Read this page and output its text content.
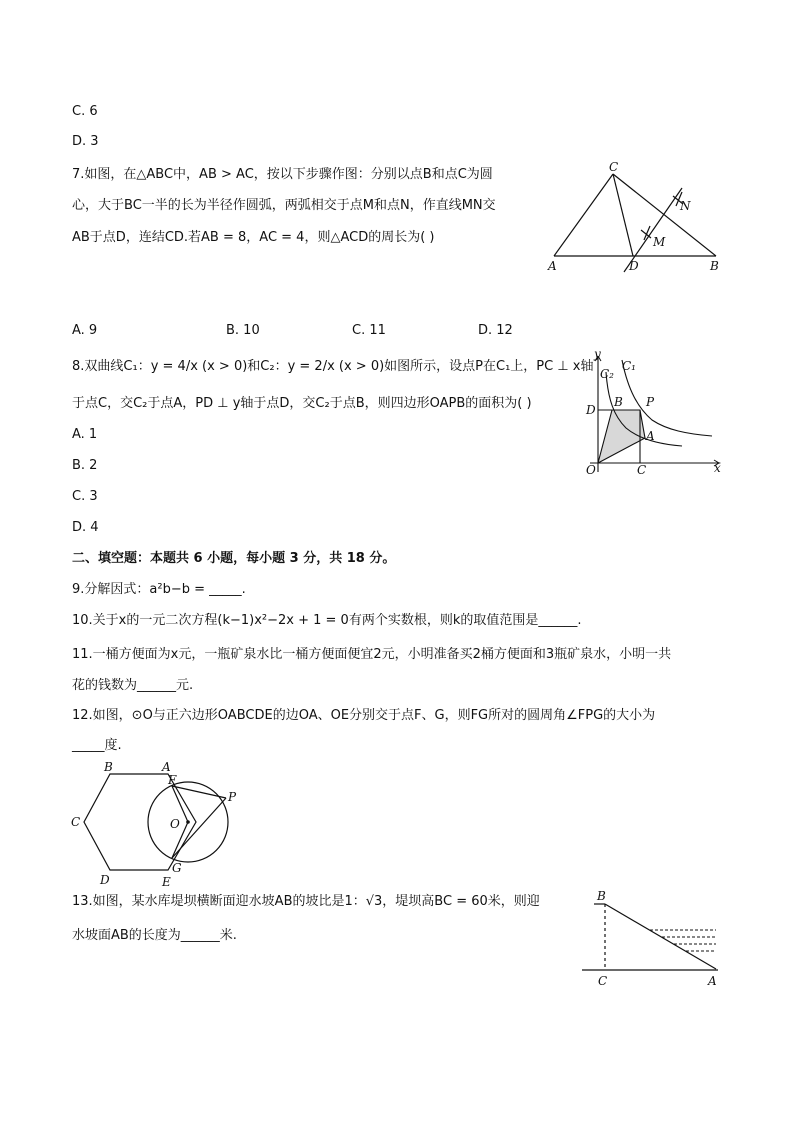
C. 6
D. 3
7.如图，在△ABC中，AB > AC，按以下步骤作图：分别以点B和点C为圆
心，大于BC一半的长为半径作圆弧，两弧相交于点M和点N，作直线MN交
AB于点D，连结CD.若AB = 8，AC = 4，则△ACD的周长为( )
A	B
C
D
M
N
A. 9	B. 10	C. 11	D. 12
8.双曲线C₁：y = 4/x (x > 0)和C₂：y = 2/x (x > 0)如图所示，设点P在C₁上，PC ⊥ x轴
于点C，交C₂于点A，PD ⊥ y轴于点D，交C₂于点B，则四边形OAPB的面积为( )
A. 1
B. 2
C. 3
D. 4
y
x
O	C
D
B P
A
C₁
C₂
二、填空题：本题共 6 小题，每小题 3 分，共 18 分。
9.分解因式：a²b−b = _____.
10.关于x的一元二次方程(k−1)x²−2x + 1 = 0有两个实数根，则k的取值范围是______.
11.一桶方便面为x元，一瓶矿泉水比一桶方便面便宜2元，小明准备买2桶方便面和3瓶矿泉水，小明一共
花的钱数为______元.
12.如图，⊙O与正六边形OABCDE的边OA、OE分别交于点F、G，则FG所对的圆周角∠FPG的大小为
_____度.
B	A
C
D	E
F
G
O
P
13.如图，某水库堤坝横断面迎水坡AB的坡比是1：√3，堤坝高BC = 60米，则迎
水坡面AB的长度为______米.
B
C	A
